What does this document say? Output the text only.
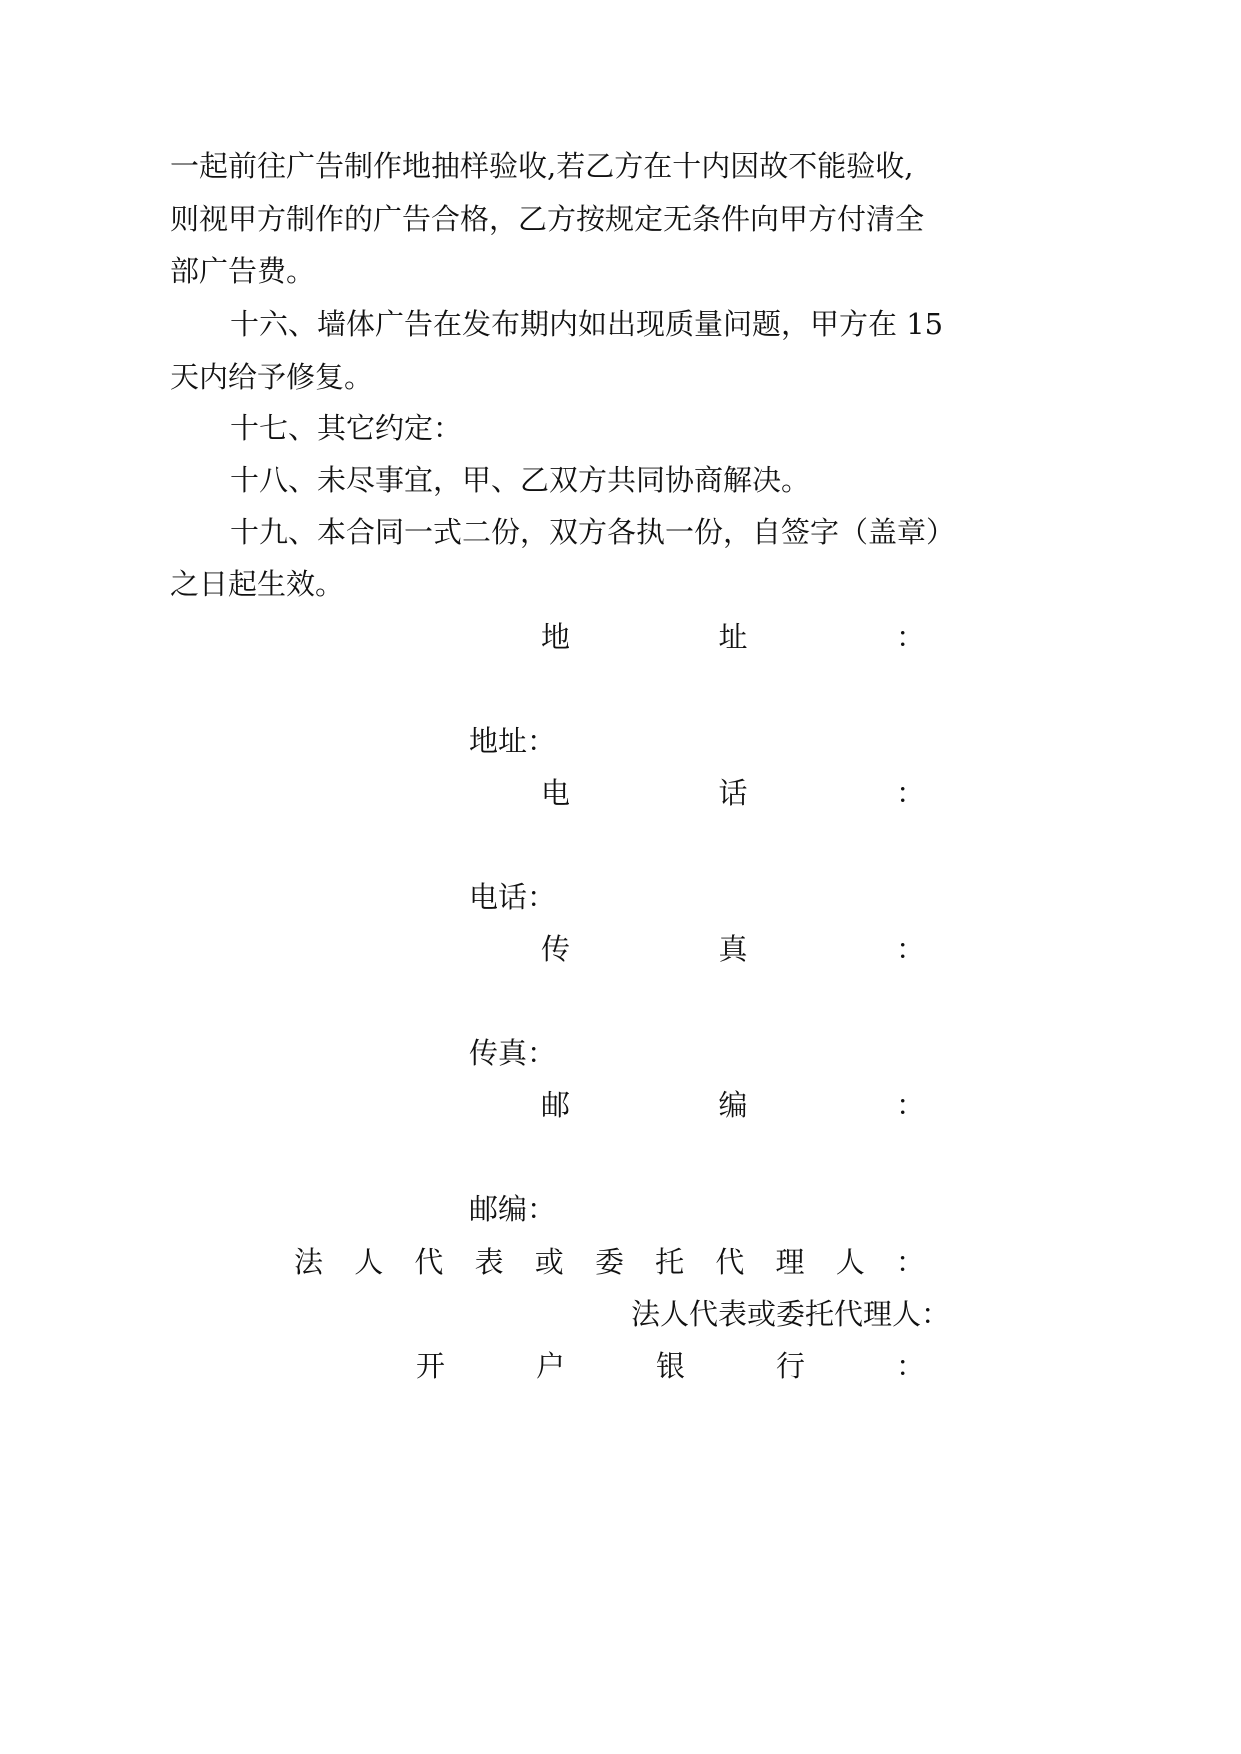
一起前往广告制作地抽样验收,若乙方在十内因故不能验收,
则视甲方制作的广告合格，乙方按规定无条件向甲方付清全
部广告费。
十六、墙体广告在发布期内如出现质量问题，甲方在 15
天内给予修复。
十七、其它约定：
十八、未尽事宜，甲、乙双方共同协商解决。
十九、本合同一式二份，双方各执一份，自签字（盖章）
之日起生效。
地	址	：
地址：
电	话	：
电话：
传	真	：
传真：
邮	编	：
邮编：
法 人 代 表 或 委 托 代 理 人 ：
法人代表或委托代理人：
开	户	银	行	：
